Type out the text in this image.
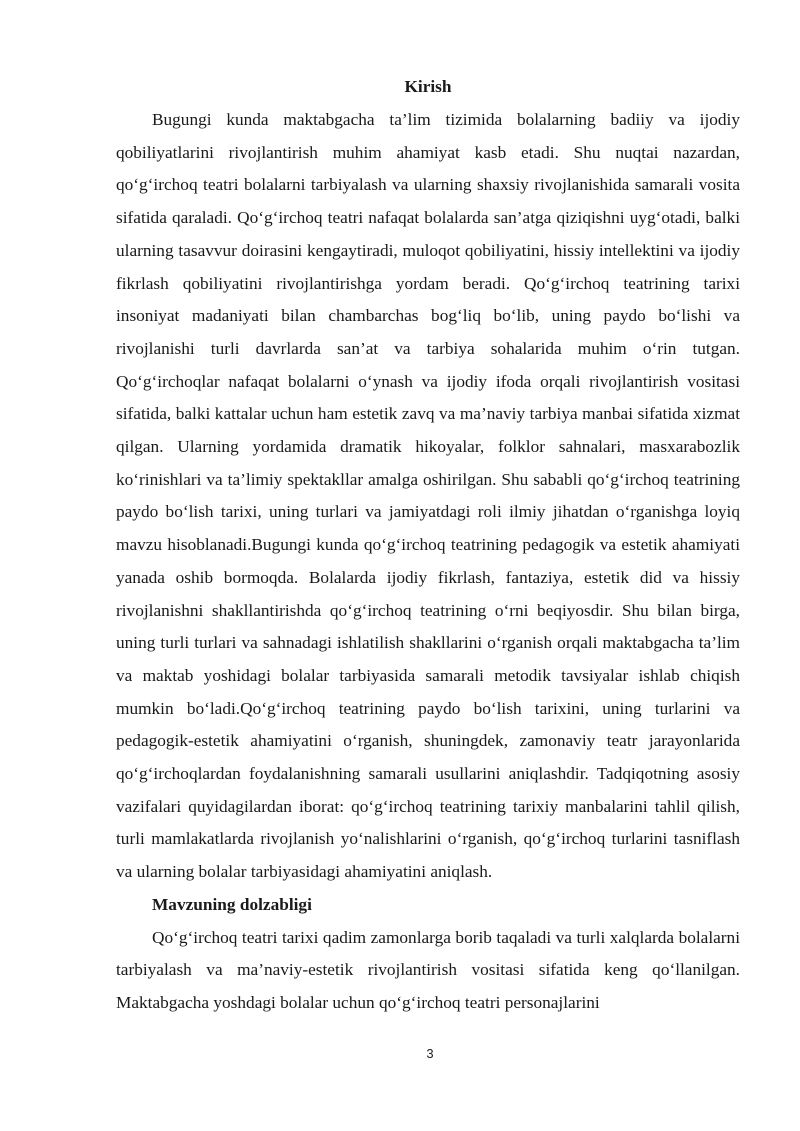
Kirish

Bugungi kunda maktabgacha ta’lim tizimida bolalarning badiiy va ijodiy qobiliyatlarini rivojlantirish muhim ahamiyat kasb etadi. Shu nuqtai nazardan, qo‘g‘irchoq teatri bolalarni tarbiyalash va ularning shaxsiy rivojlanishida samarali vosita sifatida qaraladi. Qo‘g‘irchoq teatri nafaqat bolalarda san’atga qiziqishni uyg‘otadi, balki ularning tasavvur doirasini kengaytiradi, muloqot qobiliyatini, hissiy intellektini va ijodiy fikrlash qobiliyatini rivojlantirishga yordam beradi. Qo‘g‘irchoq teatrining tarixi insoniyat madaniyati bilan chambarchas bog‘liq bo‘lib, uning paydo bo‘lishi va rivojlanishi turli davrlarda san’at va tarbiya sohalarida muhim o‘rin tutgan. Qo‘g‘irchoqlar nafaqat bolalarni o‘ynash va ijodiy ifoda orqali rivojlantirish vositasi sifatida, balki kattalar uchun ham estetik zavq va ma’naviy tarbiya manbai sifatida xizmat qilgan. Ularning yordamida dramatik hikoyalar, folklor sahnalari, masxarabozlik ko‘rinishlari va ta’limiy spektakllar amalga oshirilgan. Shu sababli qo‘g‘irchoq teatrining paydo bo‘lish tarixi, uning turlari va jamiyatdagi roli ilmiy jihatdan o‘rganishga loyiq mavzu hisoblanadi.Bugungi kunda qo‘g‘irchoq teatrining pedagogik va estetik ahamiyati yanada oshib bormoqda. Bolalarda ijodiy fikrlash, fantaziya, estetik did va hissiy rivojlanishni shakllantirishda qo‘g‘irchoq teatrining o‘rni beqiyosdir. Shu bilan birga, uning turli turlari va sahnadagi ishlatilish shakllarini o‘rganish orqali maktabgacha ta’lim va maktab yoshidagi bolalar tarbiyasida samarali metodik tavsiyalar ishlab chiqish mumkin bo‘ladi.Qo‘g‘irchoq teatrining paydo bo‘lish tarixini, uning turlarini va pedagogik-estetik ahamiyatini o‘rganish, shuningdek, zamonaviy teatr jarayonlarida qo‘g‘irchoqlardan foydalanishning samarali usullarini aniqlashdir. Tadqiqotning asosiy vazifalari quyidagilardan iborat: qo‘g‘irchoq teatrining tarixiy manbalarini tahlil qilish, turli mamlakatlarda rivojlanish yo‘nalishlarini o‘rganish, qo‘g‘irchoq turlarini tasniflash va ularning bolalar tarbiyasidagi ahamiyatini aniqlash.

Mavzuning dolzabligi

Qo‘g‘irchoq teatri tarixi qadim zamonlarga borib taqaladi va turli xalqlarda bolalarni tarbiyalash va ma’naviy-estetik rivojlantirish vositasi sifatida keng qo‘llanilgan. Maktabgacha yoshdagi bolalar uchun qo‘g‘irchoq teatri personajlarini

3
